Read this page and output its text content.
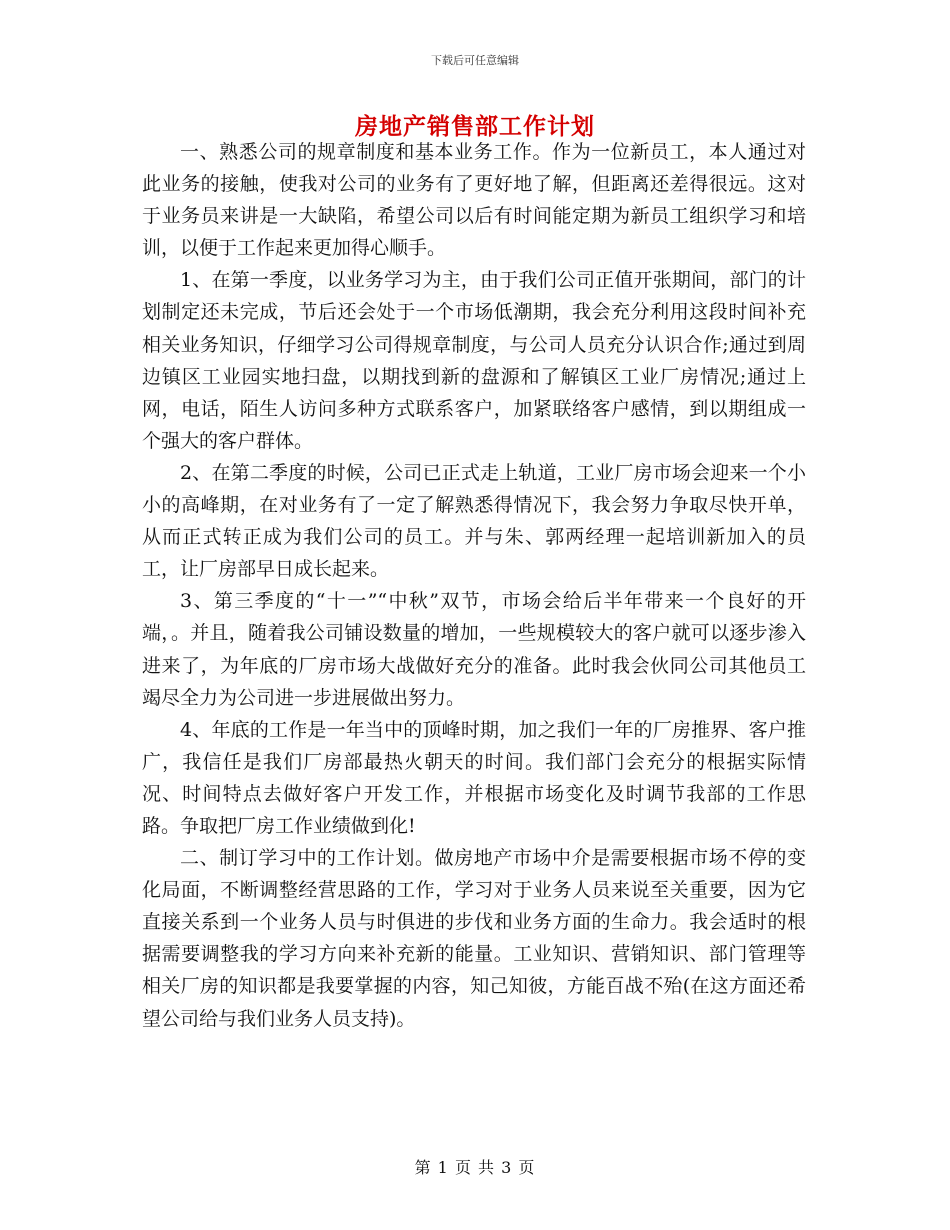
下载后可任意编辑
房地产销售部工作计划

一、熟悉公司的规章制度和基本业务工作。作为一位新员工，本人通过对此业务的接触，使我对公司的业务有了更好地了解，但距离还差得很远。这对于业务员来讲是一大缺陷，希望公司以后有时间能定期为新员工组织学习和培训，以便于工作起来更加得心顺手。

1、在第一季度，以业务学习为主，由于我们公司正值开张期间，部门的计划制定还未完成，节后还会处于一个市场低潮期，我会充分利用这段时间补充相关业务知识，仔细学习公司得规章制度，与公司人员充分认识合作;通过到周边镇区工业园实地扫盘，以期找到新的盘源和了解镇区工业厂房情况;通过上网，电话，陌生人访问多种方式联系客户，加紧联络客户感情，到以期组成一个强大的客户群体。

2、在第二季度的时候，公司已正式走上轨道，工业厂房市场会迎来一个小小的高峰期，在对业务有了一定了解熟悉得情况下，我会努力争取尽快开单，从而正式转正成为我们公司的员工。并与朱、郭两经理一起培训新加入的员工，让厂房部早日成长起来。

3、第三季度的“十一”“中秋”双节，市场会给后半年带来一个良好的开端，。并且，随着我公司铺设数量的增加，一些规模较大的客户就可以逐步渗入进来了，为年底的厂房市场大战做好充分的准备。此时我会伙同公司其他员工竭尽全力为公司进一步进展做出努力。

4、年底的工作是一年当中的顶峰时期，加之我们一年的厂房推界、客户推广，我信任是我们厂房部最热火朝天的时间。我们部门会充分的根据实际情况、时间特点去做好客户开发工作，并根据市场变化及时调节我部的工作思路。争取把厂房工作业绩做到化!

二、制订学习中的工作计划。做房地产市场中介是需要根据市场不停的变化局面，不断调整经营思路的工作，学习对于业务人员来说至关重要，因为它直接关系到一个业务人员与时俱进的步伐和业务方面的生命力。我会适时的根据需要调整我的学习方向来补充新的能量。工业知识、营销知识、部门管理等相关厂房的知识都是我要掌握的内容，知己知彼，方能百战不殆(在这方面还希望公司给与我们业务人员支持)。

第 1 页 共 3 页
